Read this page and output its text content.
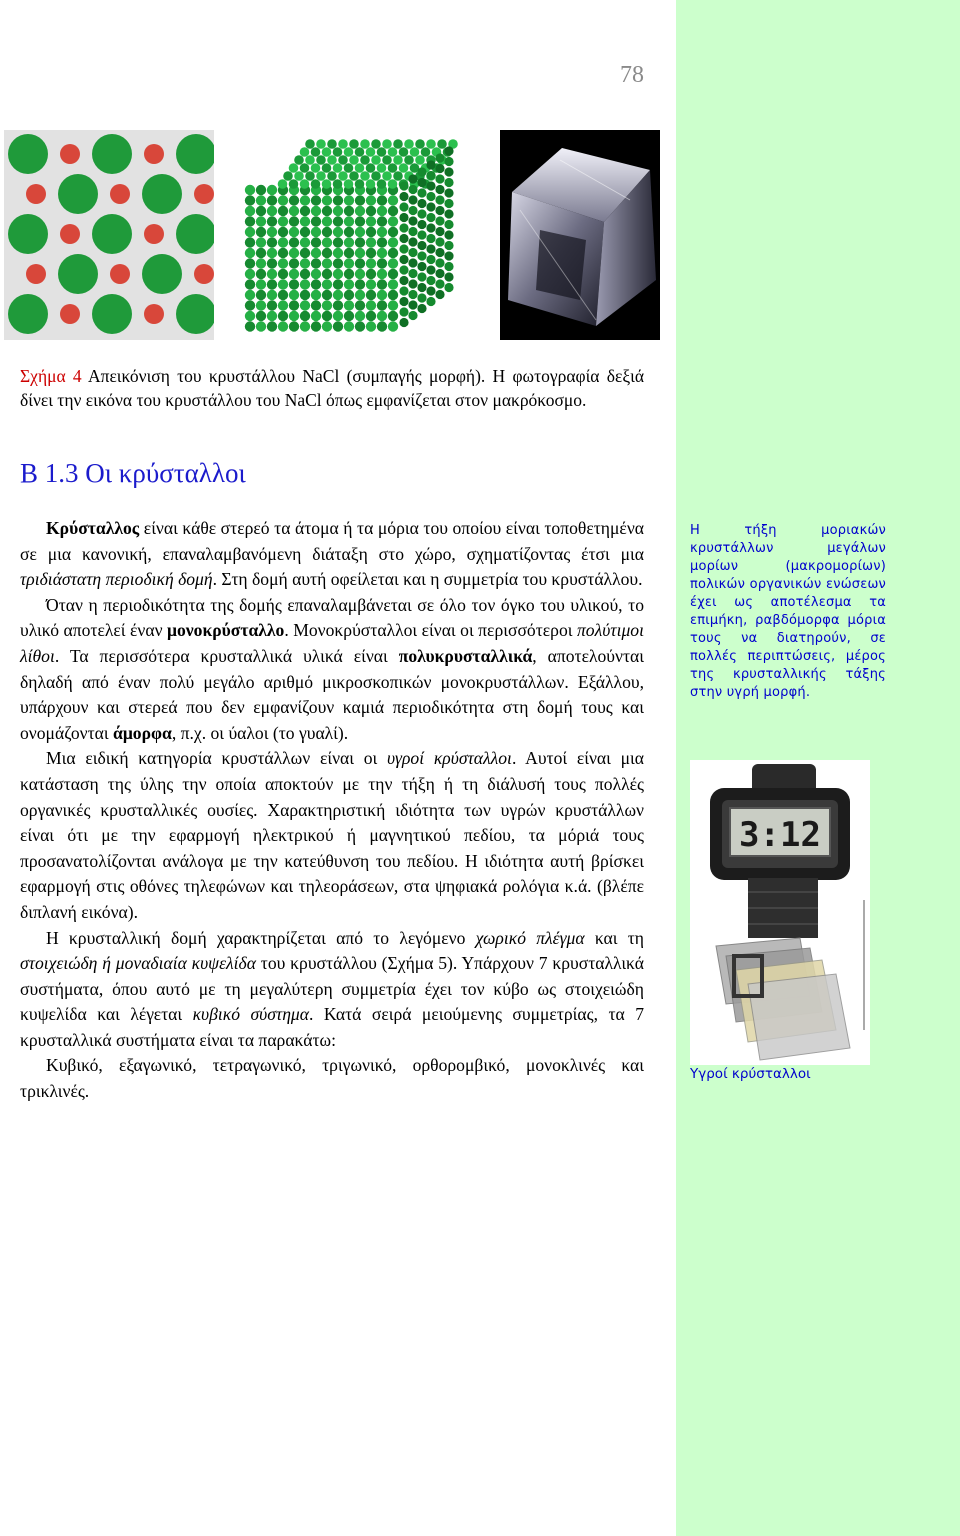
78
Σχήμα 4 Απεικόνιση του κρυστάλλου NaCl (συμπαγής μορφή). Η φωτογραφία δεξιά δίνει την εικόνα του κρυστάλλου του NaCl όπως εμφανίζεται στον μακρόκοσμο.
Β 1.3 Οι κρύσταλλοι

Κρύσταλλος είναι κάθε στερεό τα άτομα ή τα μόρια του οποίου είναι τοποθετημένα σε μια κανονική, επαναλαμβανόμενη διάταξη στο χώρο, σχηματίζοντας έτσι μια τριδιάστατη περιοδική δομή. Στη δομή αυτή οφείλεται και η συμμετρία του κρυστάλλου.

Όταν η περιοδικότητα της δομής επαναλαμβάνεται σε όλο τον όγκο του υλικού, το υλικό αποτελεί έναν μονοκρύσταλλο. Μονοκρύσταλλοι είναι οι περισσότεροι πολύτιμοι λίθοι. Τα περισσότερα κρυσταλλικά υλικά είναι πολυκρυσταλλικά, αποτελούνται δηλαδή από έναν πολύ μεγάλο αριθμό μικροσκοπικών μονοκρυστάλλων. Εξάλλου, υπάρχουν και στερεά που δεν εμφανίζουν καμιά περιοδικότητα στη δομή τους και ονομάζονται άμορφα, π.χ. οι ύαλοι (το γυαλί).

Μια ειδική κατηγορία κρυστάλλων είναι οι υγροί κρύσταλλοι. Αυτοί είναι μια κατάσταση της ύλης την οποία αποκτούν με την τήξη ή τη διάλυσή τους πολλές οργανικές κρυσταλλικές ουσίες. Χαρακτηριστική ιδιότητα των υγρών κρυστάλλων είναι ότι με την εφαρμογή ηλεκτρικού ή μαγνητικού πεδίου, τα μόριά τους προσανατολίζονται ανάλογα με την κατεύθυνση του πεδίου. Η ιδιότητα αυτή βρίσκει εφαρμογή στις οθόνες τηλεφώνων και τηλεοράσεων, στα ψηφιακά ρολόγια κ.ά. (βλέπε διπλανή εικόνα).

Η κρυσταλλική δομή χαρακτηρίζεται από το λεγόμενο χωρικό πλέγμα και τη στοιχειώδη ή μοναδιαία κυψελίδα του κρυστάλλου (Σχήμα 5). Υπάρχουν 7 κρυσταλλικά συστήματα, όπου αυτό με τη μεγαλύτερη συμμετρία έχει τον κύβο ως στοιχειώδη κυψελίδα και λέγεται κυβικό σύστημα. Κατά σειρά μειούμενης συμμετρίας, τα 7 κρυσταλλικά συστήματα είναι τα παρακάτω:

Κυβικό, εξαγωνικό, τετραγωνικό, τριγωνικό, ορθορομβικό, μονοκλινές και τρικλινές.

Η τήξη μοριακών κρυστάλλων μεγάλων μορίων (μακρομορίων) πολικών οργανικών ενώσεων έχει ως αποτέλεσμα τα επιμήκη, ραβδόμορφα μόρια τους να διατηρούν, σε πολλές περιπτώσεις, μέρος της κρυσταλλικής τάξης στην υγρή μορφή.
3:12
Υγροί κρύσταλλοι
